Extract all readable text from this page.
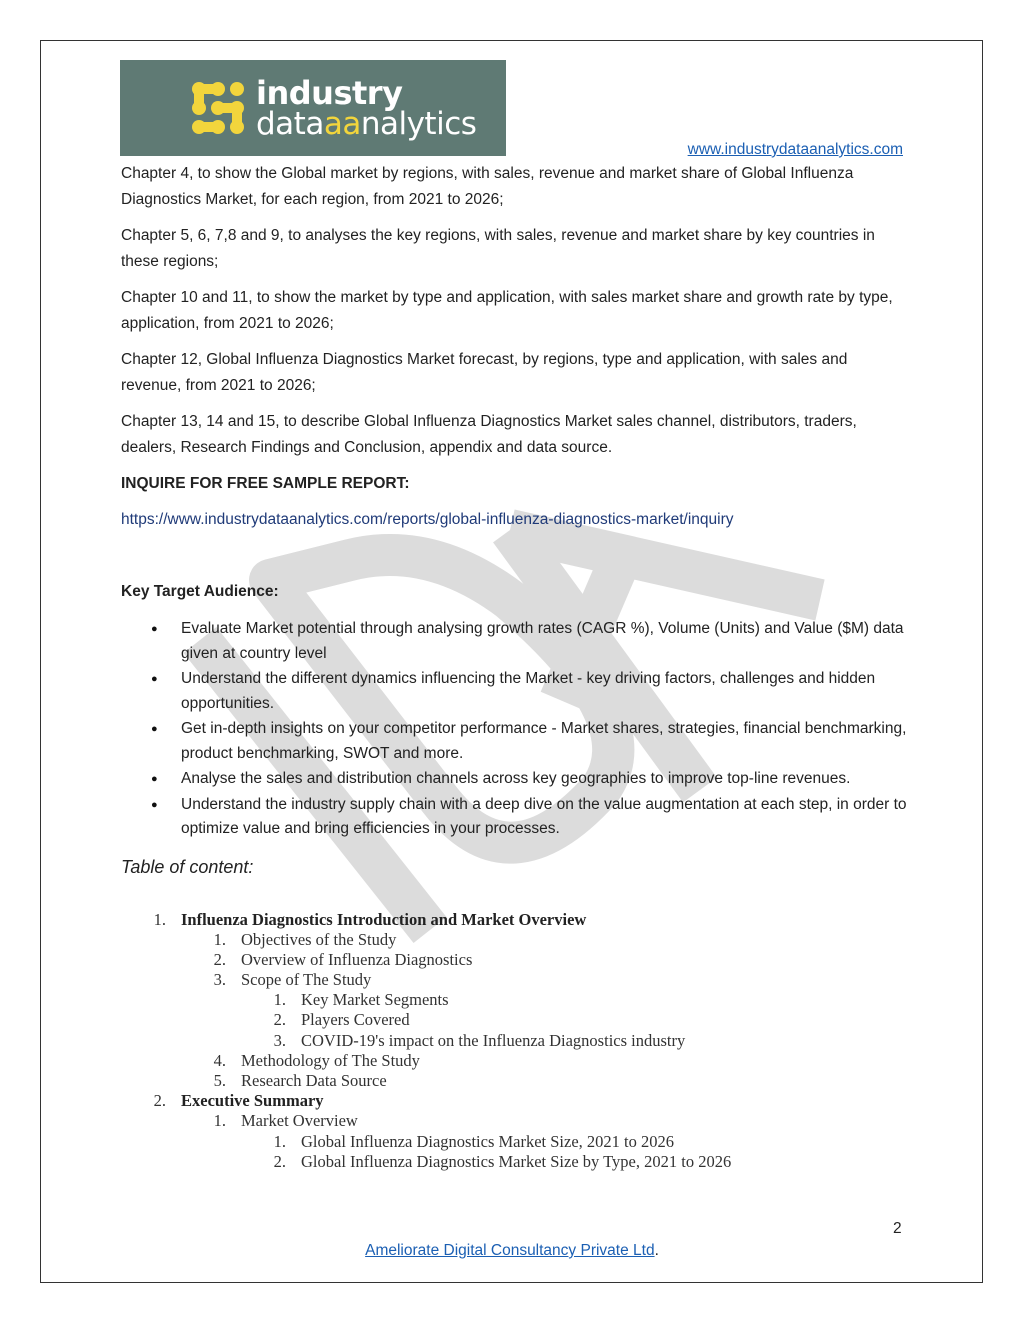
industry
dataaanalytics
www.industrydataanalytics.com

Chapter 4, to show the Global market by regions, with sales, revenue and market share of Global Influenza Diagnostics Market, for each region, from 2021 to 2026;

Chapter 5, 6, 7,8 and 9, to analyses the key regions, with sales, revenue and market share by key countries in these regions;

Chapter 10 and 11, to show the market by type and application, with sales market share and growth rate by type, application, from 2021 to 2026;

Chapter 12, Global Influenza Diagnostics Market forecast, by regions, type and application, with sales and revenue, from 2021 to 2026;

Chapter 13, 14 and 15, to describe Global Influenza Diagnostics Market sales channel, distributors, traders, dealers, Research Findings and Conclusion, appendix and data source.

INQUIRE FOR FREE SAMPLE REPORT:

https://www.industrydataanalytics.com/reports/global-influenza-diagnostics-market/inquiry

Key Target Audience:

● Evaluate Market potential through analysing growth rates (CAGR %), Volume (Units) and Value ($M) data given at country level
● Understand the different dynamics influencing the Market - key driving factors, challenges and hidden opportunities.
● Get in-depth insights on your competitor performance - Market shares, strategies, financial benchmarking, product benchmarking, SWOT and more.
● Analyse the sales and distribution channels across key geographies to improve top-line revenues.
● Understand the industry supply chain with a deep dive on the value augmentation at each step, in order to optimize value and bring efficiencies in your processes.

Table of content:

1. Influenza Diagnostics Introduction and Market Overview
1. Objectives of the Study
2. Overview of Influenza Diagnostics
3. Scope of The Study
1. Key Market Segments
2. Players Covered
3. COVID-19's impact on the Influenza Diagnostics industry
4. Methodology of The Study
5. Research Data Source
2. Executive Summary
1. Market Overview
1. Global Influenza Diagnostics Market Size, 2021 to 2026
2. Global Influenza Diagnostics Market Size by Type, 2021 to 2026
2
Ameliorate Digital Consultancy Private Ltd.
